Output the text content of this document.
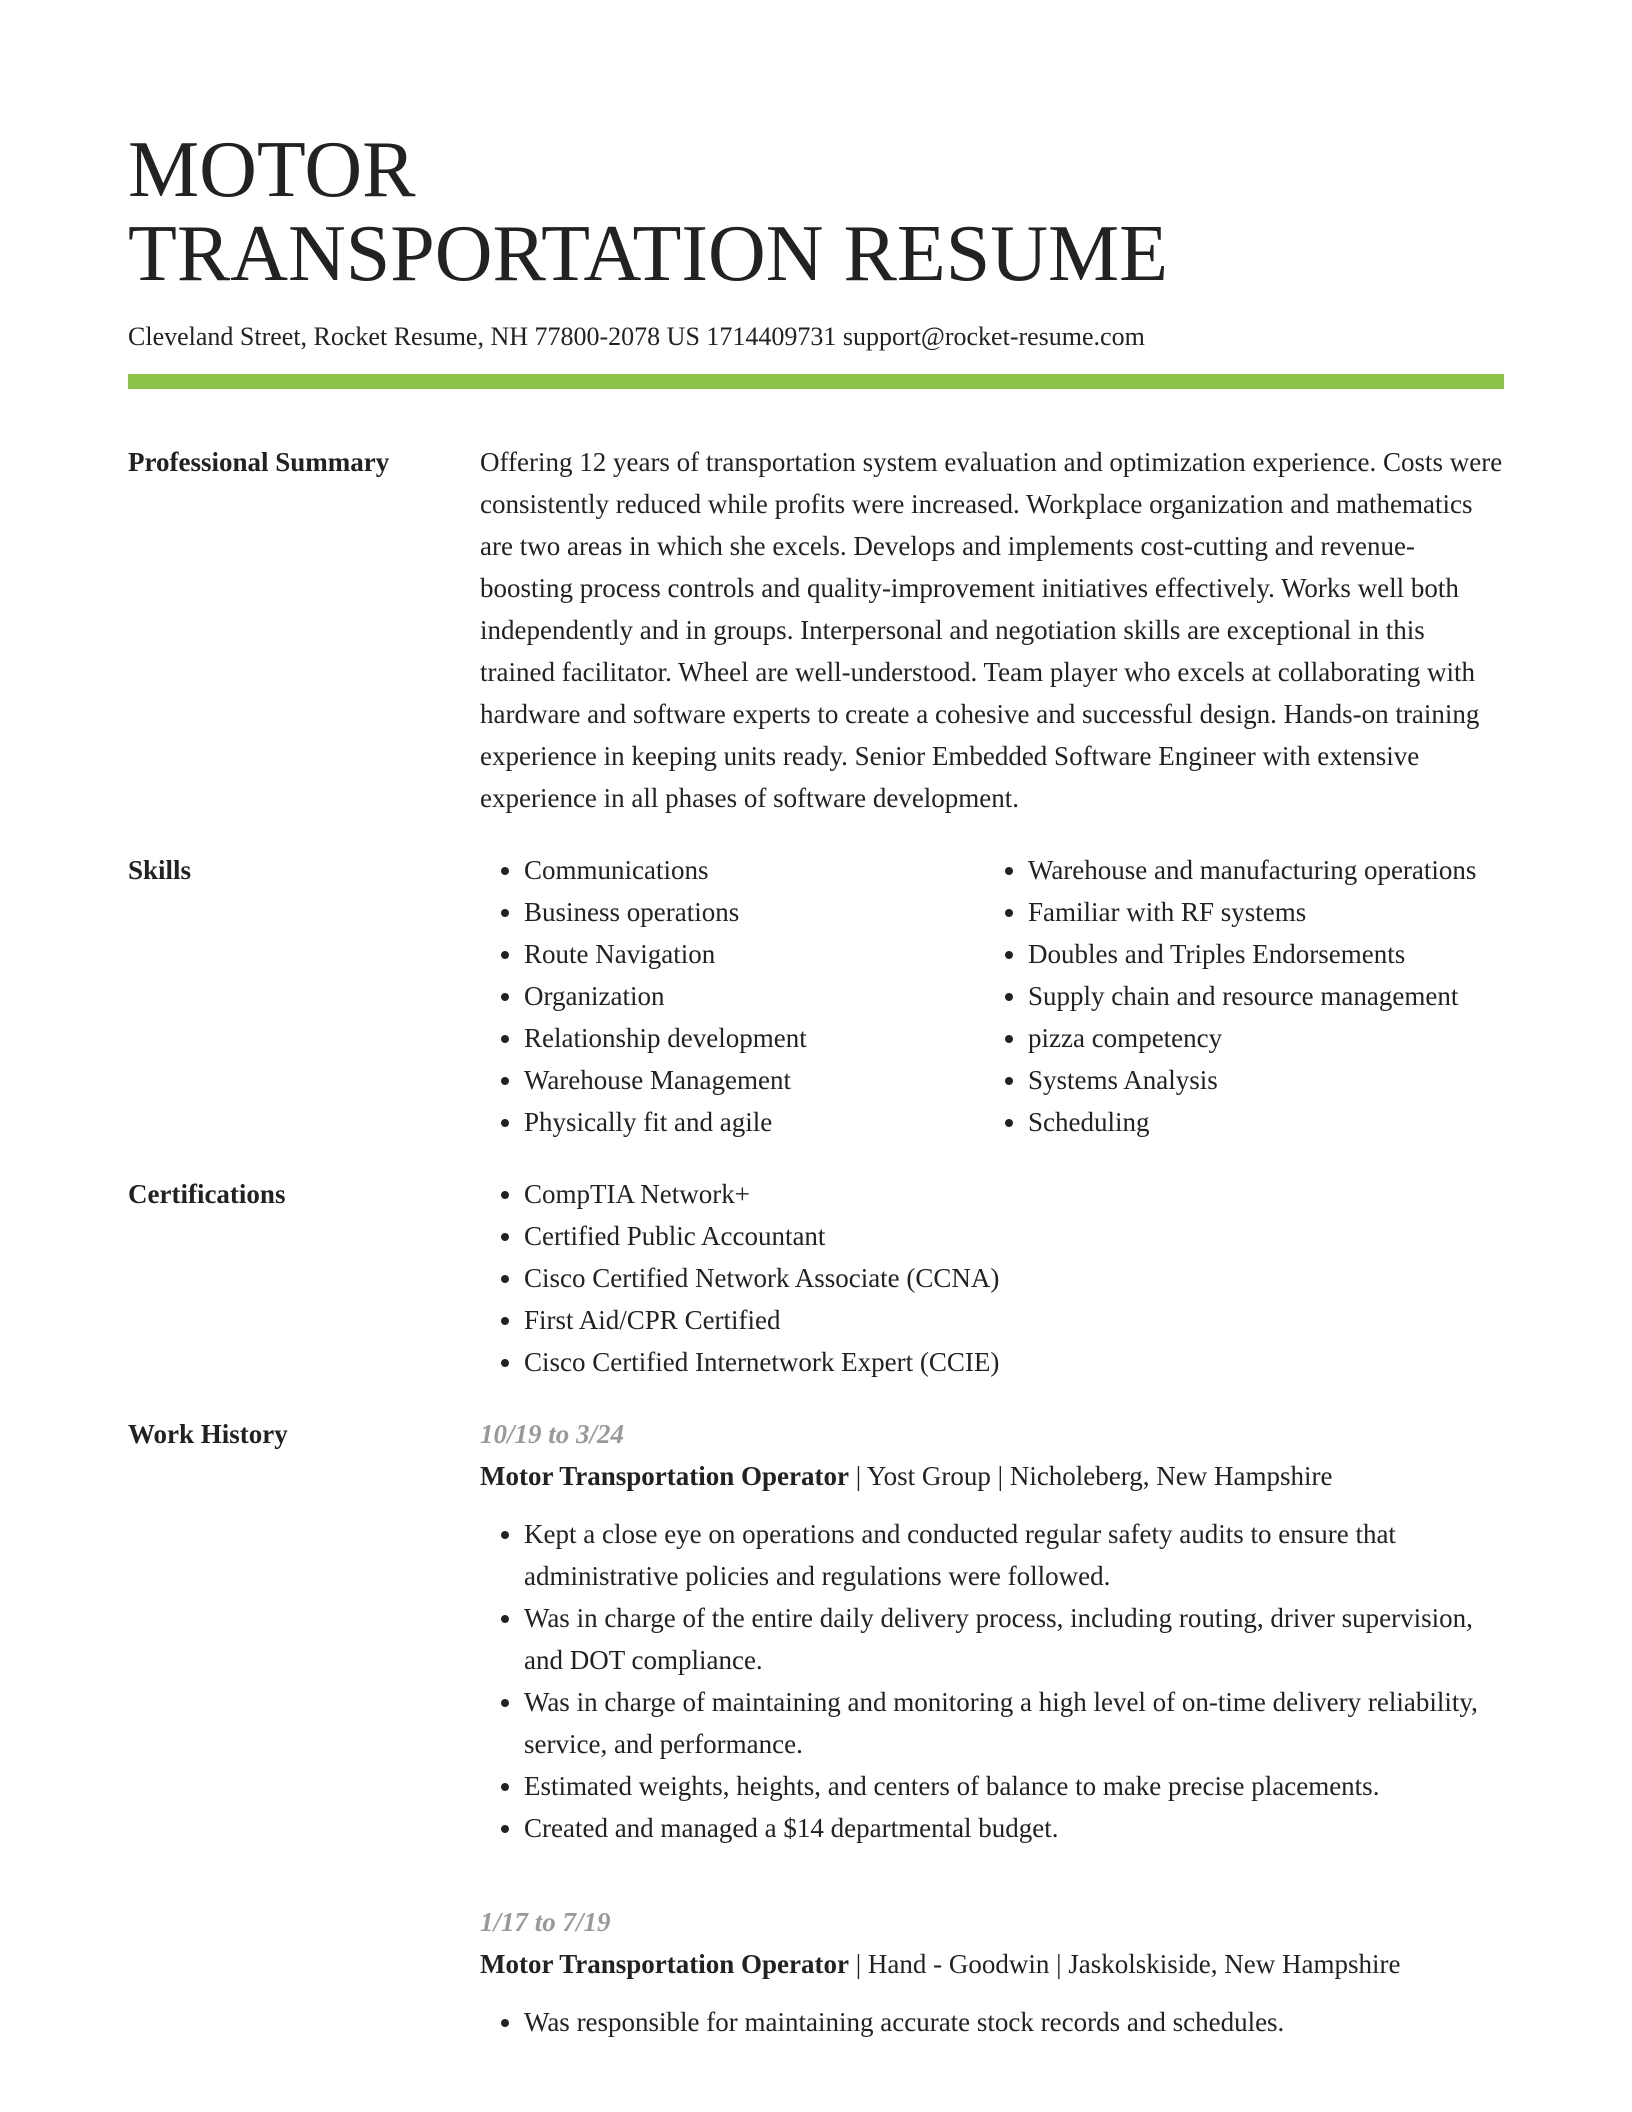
MOTOR
TRANSPORTATION RESUME
Cleveland Street, Rocket Resume, NH 77800-2078 US 1714409731 support@rocket-resume.com
Professional Summary	Offering 12 years of transportation system evaluation and optimization experience. Costs were consistently reduced while profits were increased. Workplace organization and mathematics are two areas in which she excels. Develops and implements cost-cutting and revenue-boosting process controls and quality-improvement initiatives effectively. Works well both independently and in groups. Interpersonal and negotiation skills are exceptional in this trained facilitator. Wheel are well-understood. Team player who excels at collaborating with hardware and software experts to create a cohesive and successful design. Hands-on training experience in keeping units ready. Senior Embedded Software Engineer with extensive experience in all phases of software development.

Skills	• Communications
• Business operations
• Route Navigation
• Organization
• Relationship development
• Warehouse Management
• Physically fit and agile
• Warehouse and manufacturing operations
• Familiar with RF systems
• Doubles and Triples Endorsements
• Supply chain and resource management
• pizza competency
• Systems Analysis
• Scheduling
Certifications	• CompTIA Network+
• Certified Public Accountant
• Cisco Certified Network Associate (CCNA)
• First Aid/CPR Certified
• Cisco Certified Internetwork Expert (CCIE)
Work History	10/19 to 3/24
Motor Transportation Operator | Yost Group | Nicholeberg, New Hampshire
• Kept a close eye on operations and conducted regular safety audits to ensure that administrative policies and regulations were followed.
• Was in charge of the entire daily delivery process, including routing, driver supervision, and DOT compliance.
• Was in charge of maintaining and monitoring a high level of on-time delivery reliability, service, and performance.
• Estimated weights, heights, and centers of balance to make precise placements.
• Created and managed a $14 departmental budget.
1/17 to 7/19
Motor Transportation Operator | Hand - Goodwin | Jaskolskiside, New Hampshire
• Was responsible for maintaining accurate stock records and schedules.
